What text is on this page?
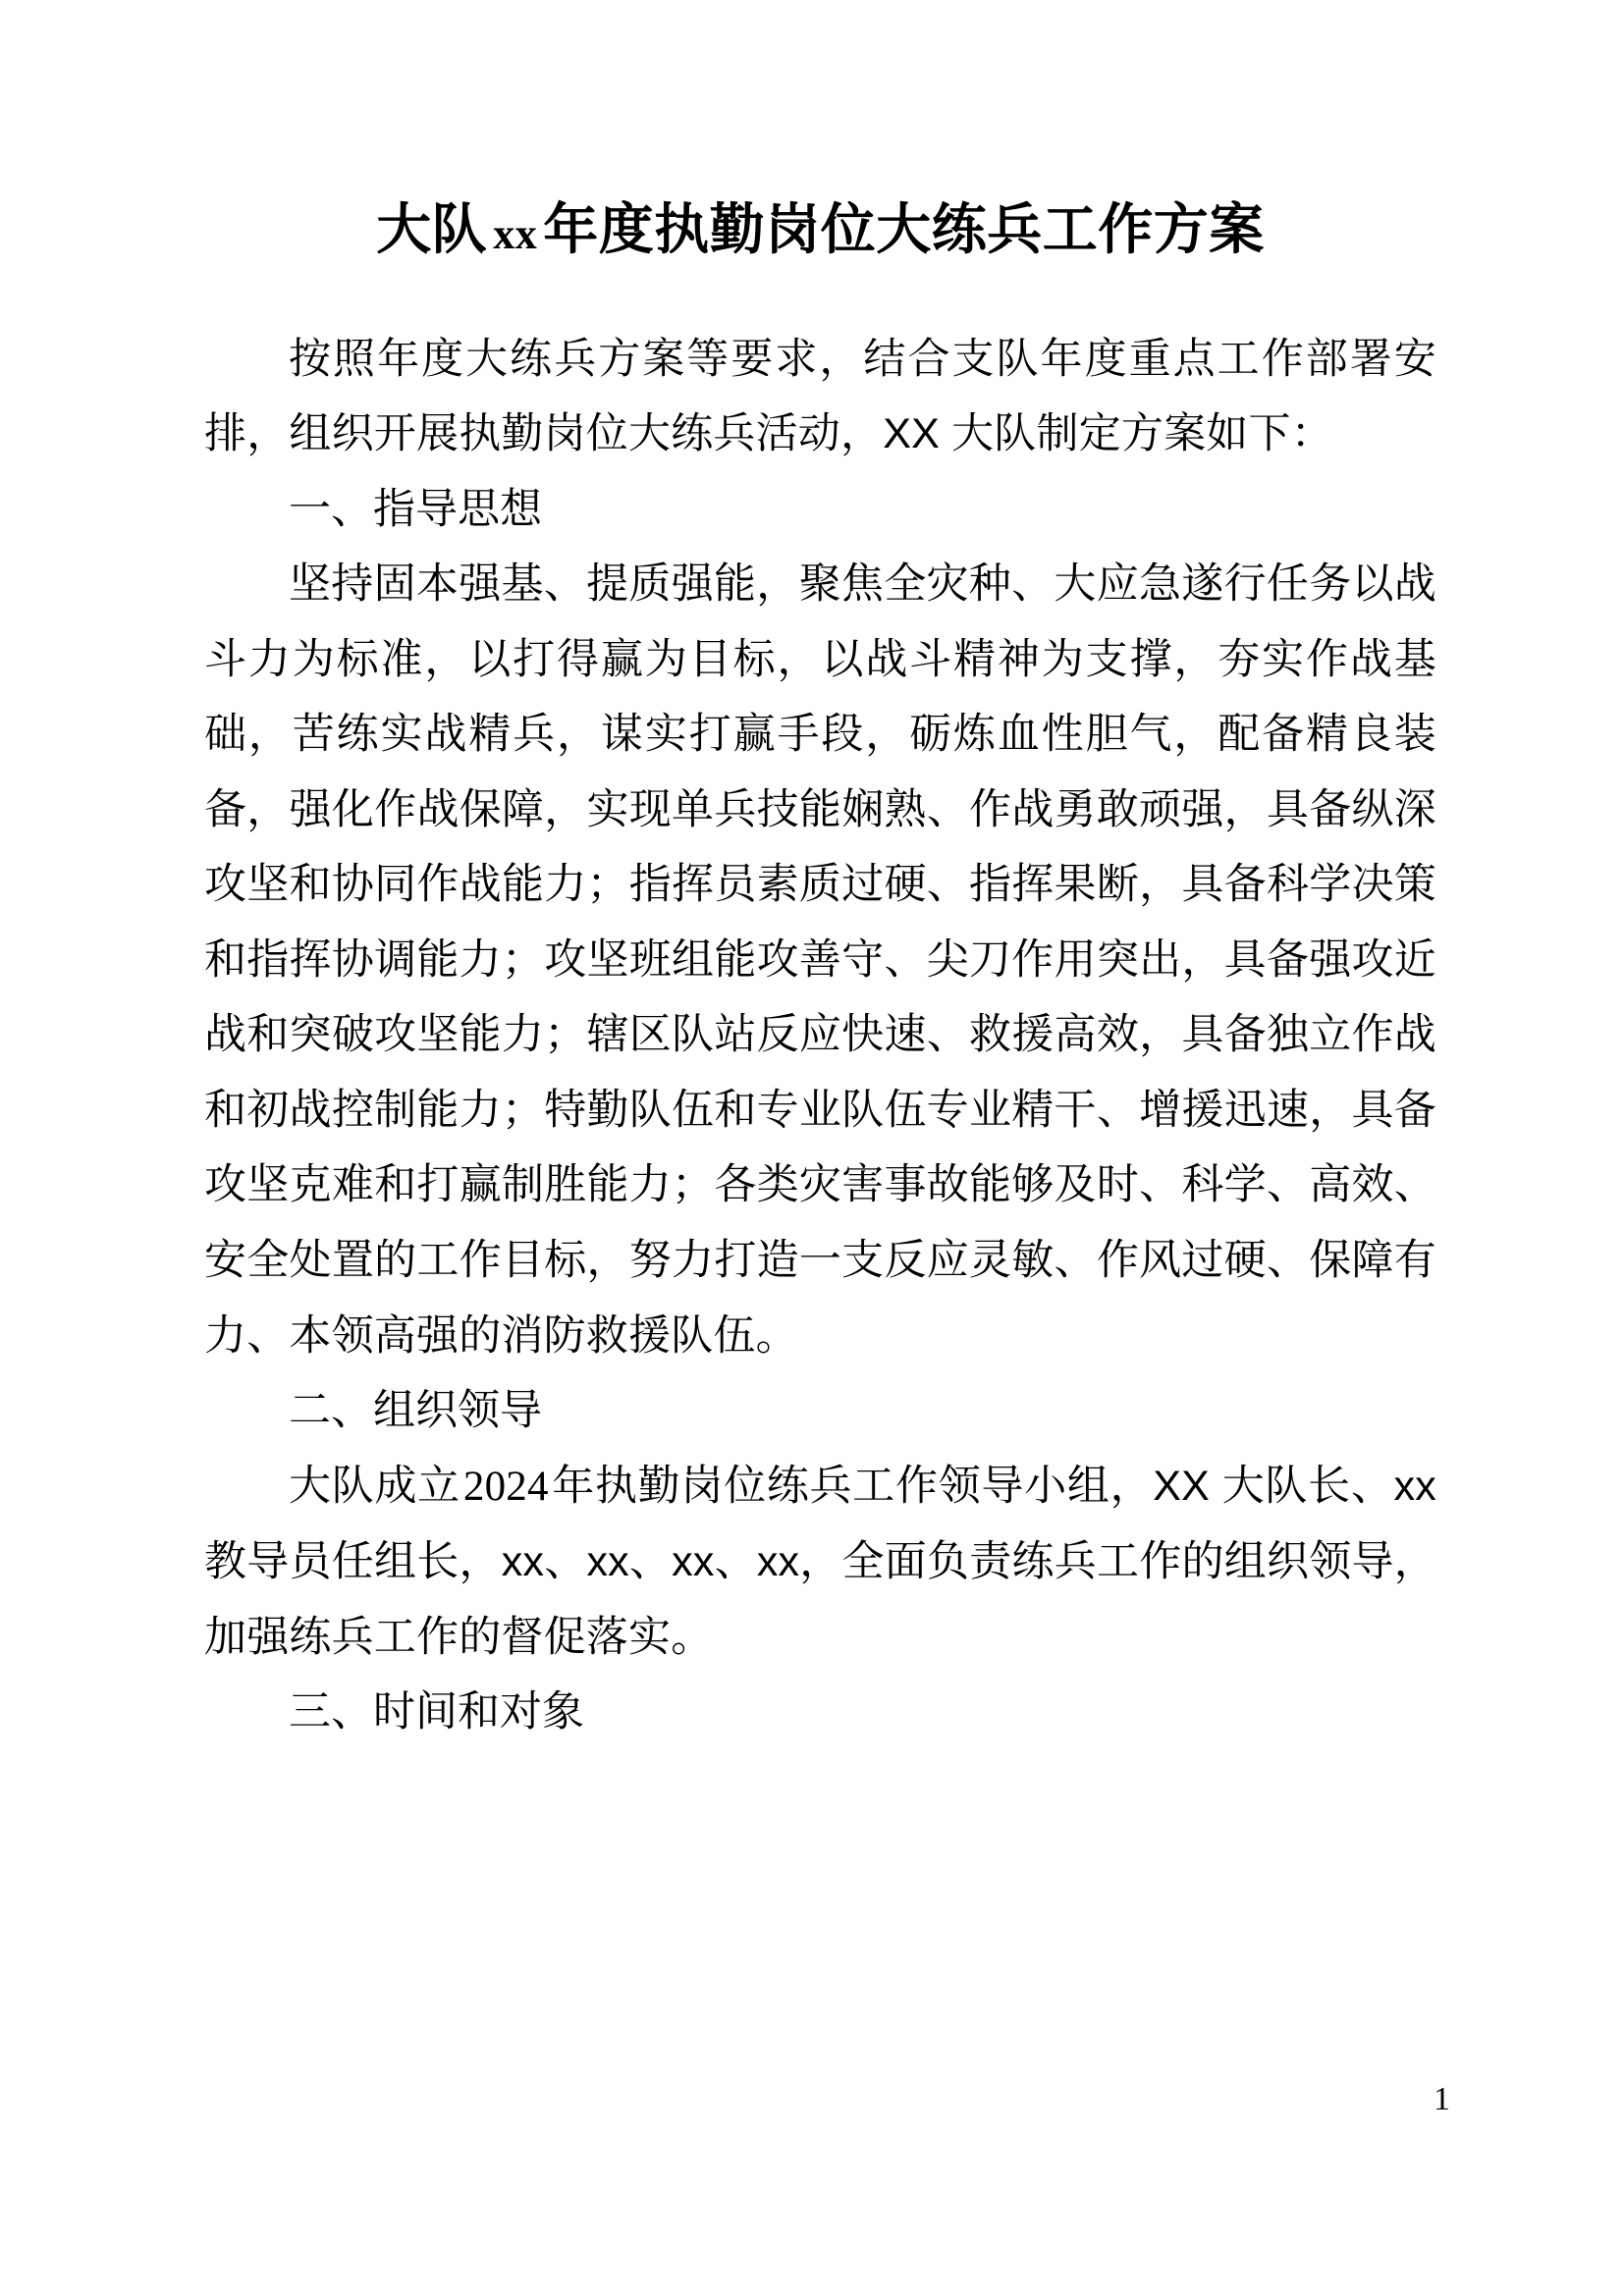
大队 xx 年度执勤岗位大练兵工作方案

按照年度大练兵方案等要求，结合支队年度重点工作部署安排，组织开展执勤岗位大练兵活动，XX 大队制定方案如下：

一、指导思想

坚持固本强基、提质强能，聚焦全灾种、大应急遂行任务以战斗力为标准，以打得赢为目标，以战斗精神为支撑，夯实作战基础，苦练实战精兵，谋实打赢手段，砺炼血性胆气，配备精良装备，强化作战保障，实现单兵技能娴熟、作战勇敢顽强，具备纵深攻坚和协同作战能力；指挥员素质过硬、指挥果断，具备科学决策和指挥协调能力；攻坚班组能攻善守、尖刀作用突出，具备强攻近战和突破攻坚能力；辖区队站反应快速、救援高效，具备独立作战和初战控制能力；特勤队伍和专业队伍专业精干、增援迅速，具备攻坚克难和打赢制胜能力；各类灾害事故能够及时、科学、高效、安全处置的工作目标，努力打造一支反应灵敏、作风过硬、保障有力、本领高强的消防救援队伍。

二、组织领导

大队成立2024年执勤岗位练兵工作领导小组，XX 大队长、xx 教导员任组长，xx、xx、xx、xx，全面负责练兵工作的组织领导，加强练兵工作的督促落实。

三、时间和对象

1
